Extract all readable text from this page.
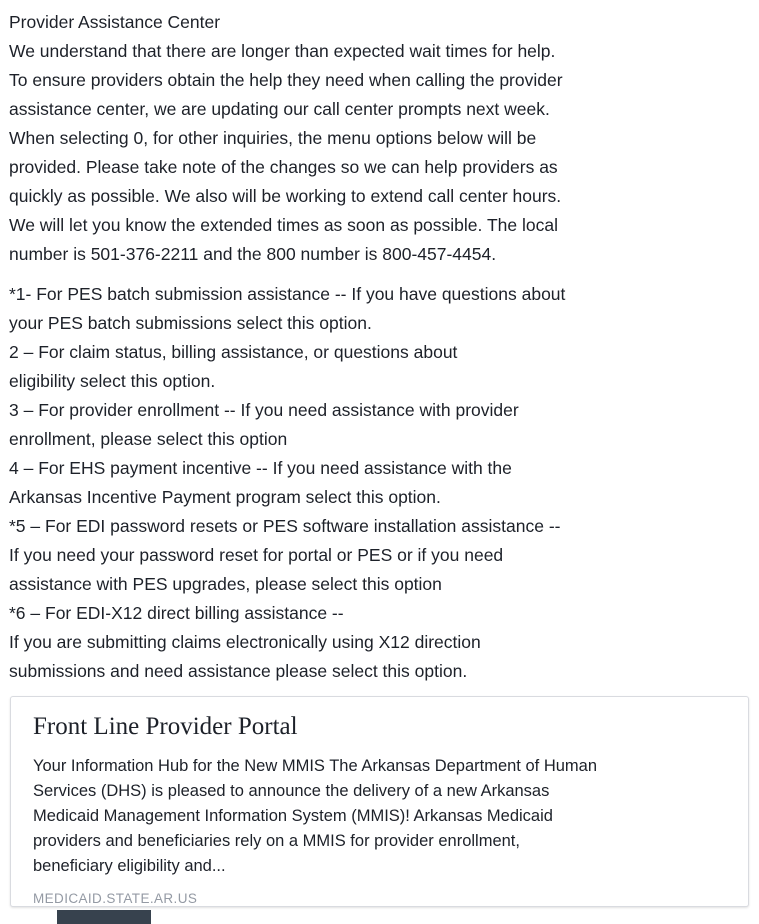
Provider Assistance Center
We understand that there are longer than expected wait times for help.
To ensure providers obtain the help they need when calling the provider
assistance center, we are updating our call center prompts next week.
When selecting 0, for other inquiries, the menu options below will be
provided. Please take note of the changes so we can help providers as
quickly as possible. We also will be working to extend call center hours.
We will let you know the extended times as soon as possible. The local
number is 501-376-2211 and the 800 number is 800-457-4454.
*1- For PES batch submission assistance -- If you have questions about
your PES batch submissions select this option.
2 – For claim status, billing assistance, or questions about
eligibility select this option.
3 – For provider enrollment -- If you need assistance with provider
enrollment, please select this option
4 – For EHS payment incentive -- If you need assistance with the
Arkansas Incentive Payment program select this option.
*5 – For EDI password resets or PES software installation assistance --
If you need your password reset for portal or PES or if you need
assistance with PES upgrades, please select this option
*6 – For EDI-X12 direct billing assistance --
If you are submitting claims electronically using X12 direction
submissions and need assistance please select this option.
Front Line Provider Portal
Your Information Hub for the New MMIS The Arkansas Department of Human
Services (DHS) is pleased to announce the delivery of a new Arkansas
Medicaid Management Information System (MMIS)! Arkansas Medicaid
providers and beneficiaries rely on a MMIS for provider enrollment,
beneficiary eligibility and...
MEDICAID.STATE.AR.US
